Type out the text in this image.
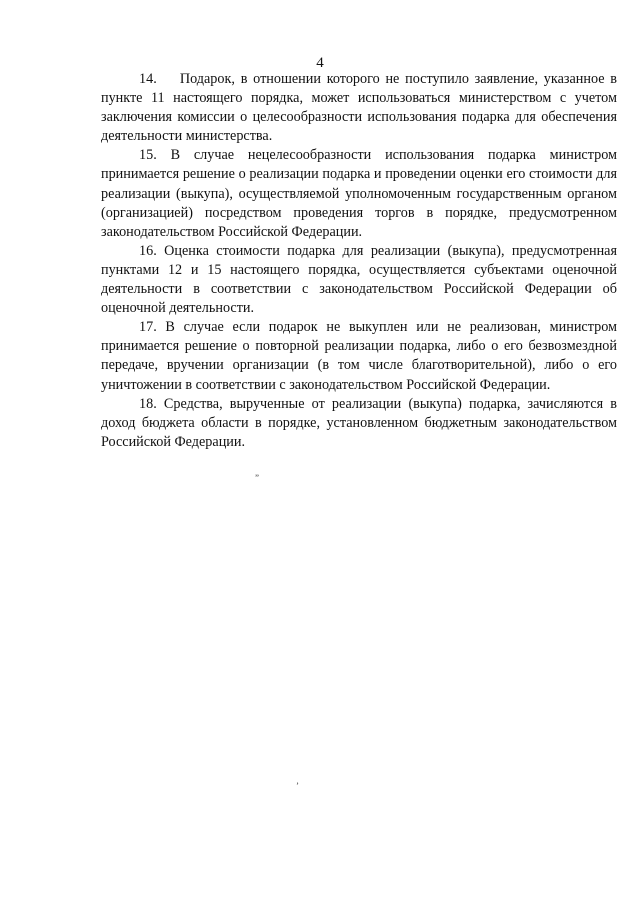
4

14.    Подарок, в отношении которого не поступило заявление, указанное в пункте 11 настоящего порядка, может использоваться министерством с учетом заключения комиссии о целесообразности использования подарка для обеспечения деятельности министерства.

15. В случае нецелесообразности использования подарка министром принимается решение о реализации подарка и проведении оценки его стоимости для реализации (выкупа), осуществляемой уполномоченным государственным органом (организацией) посредством проведения торгов в порядке, предусмотренном законодательством Российской Федерации.

16. Оценка стоимости подарка для реализации (выкупа), предусмотренная пунктами 12 и 15 настоящего порядка, осуществляется субъектами оценочной деятельности в соответствии с законодательством Российской Федерации об оценочной деятельности.

17. В случае если подарок не выкуплен или не реализован, министром принимается решение о повторной реализации подарка, либо о его безвозмездной передаче, вручении организации (в том числе благотворительной), либо о его уничтожении в соответствии с законодательством Российской Федерации.

18. Средства, вырученные от реализации (выкупа) подарка, зачисляются в доход бюджета области в порядке, установленном бюджетным законодательством Российской Федерации.

”
ʼ
